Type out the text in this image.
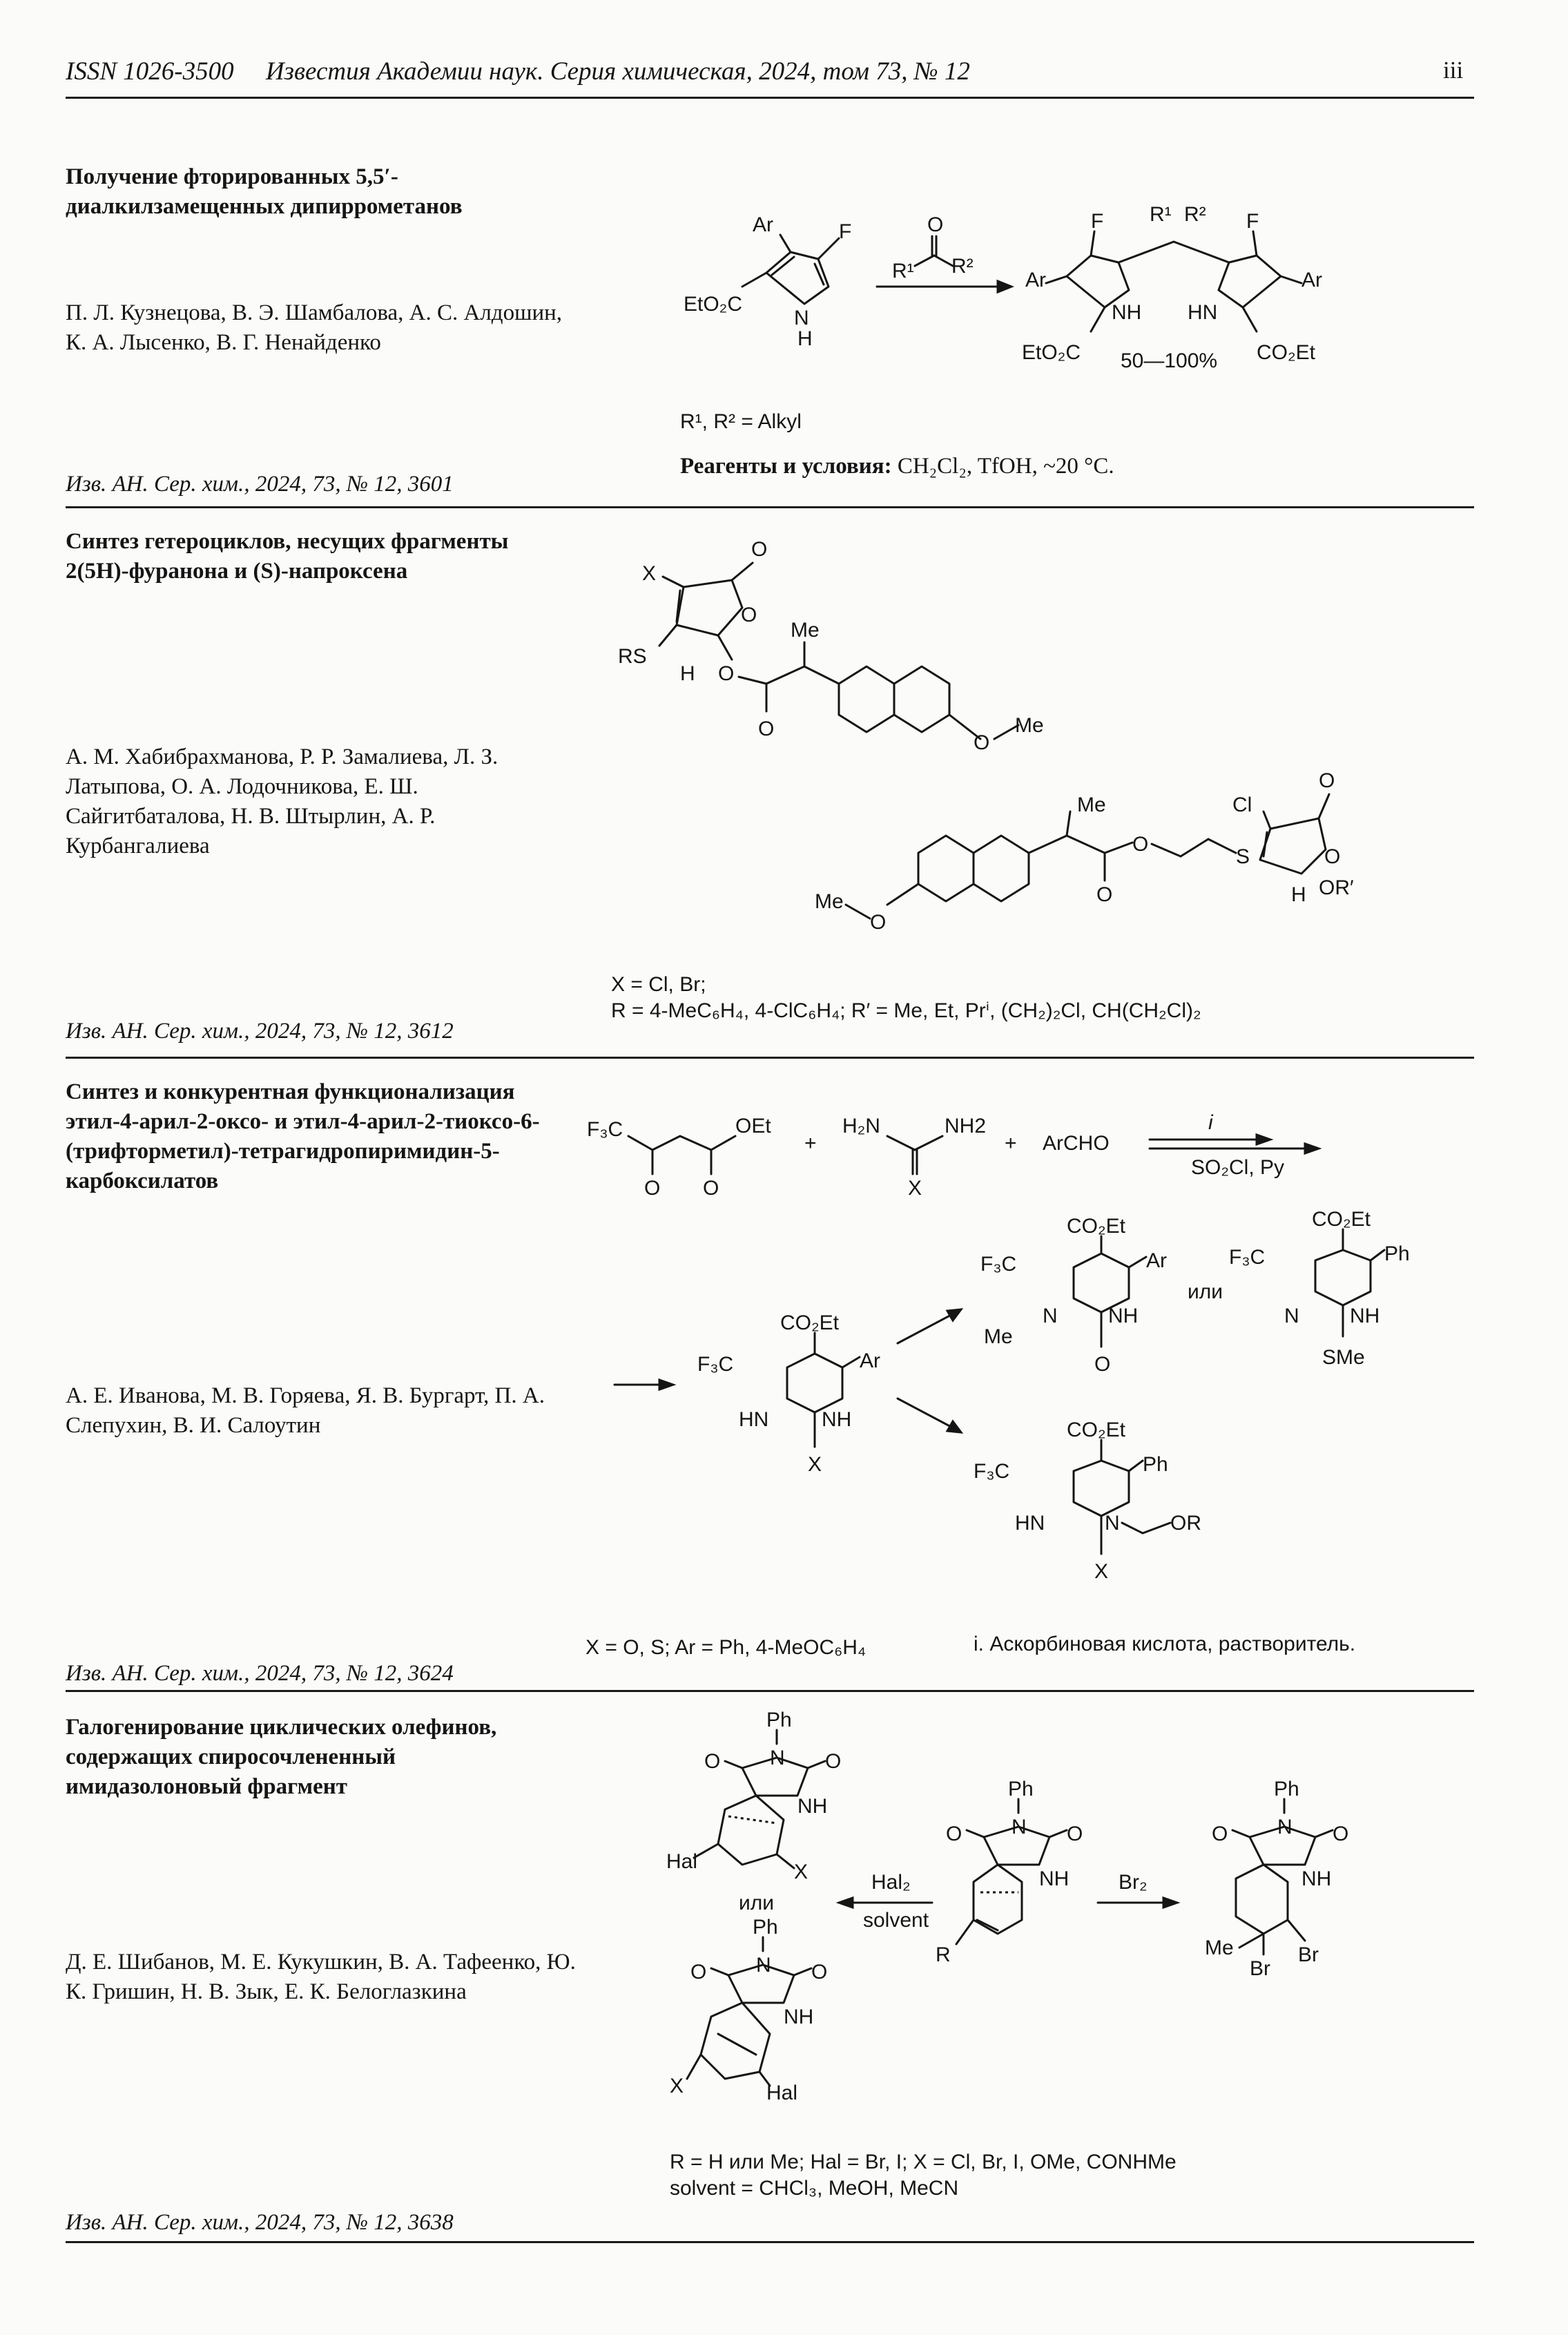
ISSN 1026-3500 Известия Академии наук. Серия химическая, 2024, том 73, № 12	iii
Получение фторированных 5,5′-диалкилзамещенных дипиррометанов
П. Л. Кузнецова, В. Э. Шамбалова, А. С. Алдошин, К. А. Лысенко, В. Г. Ненайденко
Изв. АН. Сер. хим., 2024, 73, № 12, 3601
Ar	F
EtO₂C
N
H
O
R¹ R²
F	F
R¹ R²
Ar	Ar
NH HN
EtO₂C	CO₂Et
50—100%
R¹, R² = Alkyl
Реагенты и условия: CH₂Cl₂, TfOH, ~20 °C.
Синтез гетероциклов, несущих фрагменты 2(5H)-фуранона и (S)-напроксена
А. М. Хабибрахманова, Р. Р. Замалиева, Л. З. Латыпова, О. А. Лодочникова, Е. Ш. Сайгитбаталова, Н. В. Штырлин, А. Р. Курбангалиева
Изв. АН. Сер. хим., 2024, 73, № 12, 3612
O
O
X
RS
H O
O
Me
O
Me
O
Me
Me
O
O
S
O
O
Cl
H OR′
X = Cl, Br;
R = 4-MeC₆H₄, 4-ClC₆H₄; R′ = Me, Et, Prⁱ, (CH₂)₂Cl, CH(CH₂Cl)₂
Синтез и конкурентная функционализация этил-4-арил-2-оксо- и этил-4-арил-2-тиоксо-6-(трифторметил)-тетрагидропиримидин-5-карбоксилатов
А. Е. Иванова, М. В. Горяева, Я. В. Бургарт, П. А. Слепухин, В. И. Салоутин
Изв. АН. Сер. хим., 2024, 73, № 12, 3624
F₃C
O O
OEt
+
H₂N	NH2
X
+ ArCHO
i
SO₂Cl, Py
CO₂Et
F₃C	Ar
HN	NH
X
CO₂Et
F₃C	Ar
Me
N NH
O
или
CO₂Et
F₃C	Ph
N NH
SMe
CO₂Et
F₃C	Ph
HN	N OR
X
X = O, S; Ar = Ph, 4-MeOC₆H₄	i. Аскорбиновая кислота, растворитель.
Галогенирование циклических олефинов, содержащих спиросочлененный имидазолоновый фрагмент
Д. Е. Шибанов, М. Е. Кукушкин, В. А. Тафеенко, Ю. К. Гришин, Н. В. Зык, Е. К. Белоглазкина
Изв. АН. Сер. хим., 2024, 73, № 12, 3638
Ph
N
O	O
NH
Hal	X
или
Ph
N
O	O
NH
X	Hal
Hal₂
solvent
Ph
N
O	O
NH
R
Br₂
Ph
N
O	O
NH
Me
Br
Br
R = H или Me; Hal = Br, I; X = Cl, Br, I, OMe, CONHMe
solvent = CHCl₃, MeOH, MeCN
